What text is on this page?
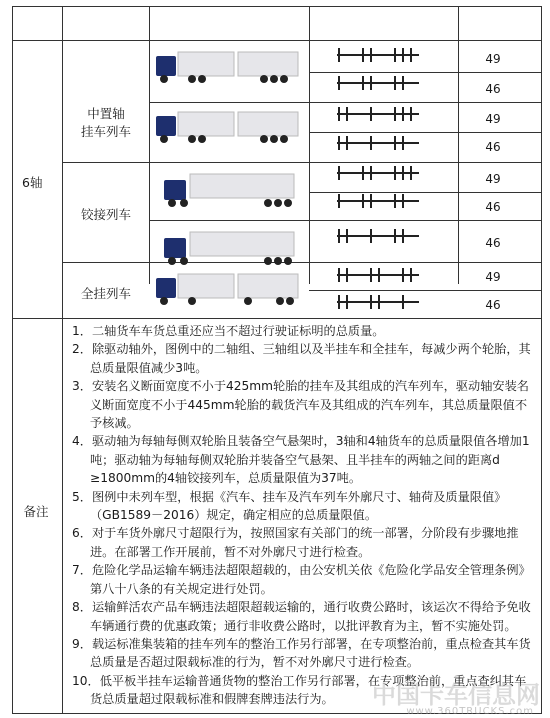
6轴
中置轴
挂车列车
铰接列车
全挂列车
49
46
49
46
49
46
46
49
46
备注

1．二轴货车车货总重还应当不超过行驶证标明的总质量。

2．除驱动轴外，图例中的二轴组、三轴组以及半挂车和全挂车，每减少两个轮胎，其总质量限值减少3吨。

3．安装名义断面宽度不小于425mm轮胎的挂车及其组成的汽车列车，驱动轴安装名义断面宽度不小于445mm轮胎的载货汽车及其组成的汽车列车，其总质量限值不予核减。

4．驱动轴为每轴每侧双轮胎且装备空气悬架时，3轴和4轴货车的总质量限值各增加1吨；驱动轴为每轴每侧双轮胎并装备空气悬架、且半挂车的两轴之间的距离d ≥1800mm的4轴铰接列车，总质量限值为37吨。

5．图例中未列车型，根据《汽车、挂车及汽车列车外廓尺寸、轴荷及质量限值》（GB1589－2016）规定，确定相应的总质量限值。

6．对于车货外廓尺寸超限行为，按照国家有关部门的统一部署，分阶段有步骤地推进。在部署工作开展前，暂不对外廓尺寸进行检查。

7．危险化学品运输车辆违法超限超载的，由公安机关依《危险化学品安全管理条例》第八十八条的有关规定进行处罚。

8．运输鲜活农产品车辆违法超限超载运输的，通行收费公路时，该运次不得给予免收车辆通行费的优惠政策；通行非收费公路时，以批评教育为主，暂不实施处罚。

9．载运标准集装箱的挂车列车的整治工作另行部署，在专项整治前，重点检查其车货总质量是否超过限载标准的行为，暂不对外廓尺寸进行检查。

10．低平板半挂车运输普通货物的整治工作另行部署，在专项整治前，重点查纠其车货总质量超过限载标准和假牌套牌违法行为。	中国卡车信息网
www.360TRUCKS.com
